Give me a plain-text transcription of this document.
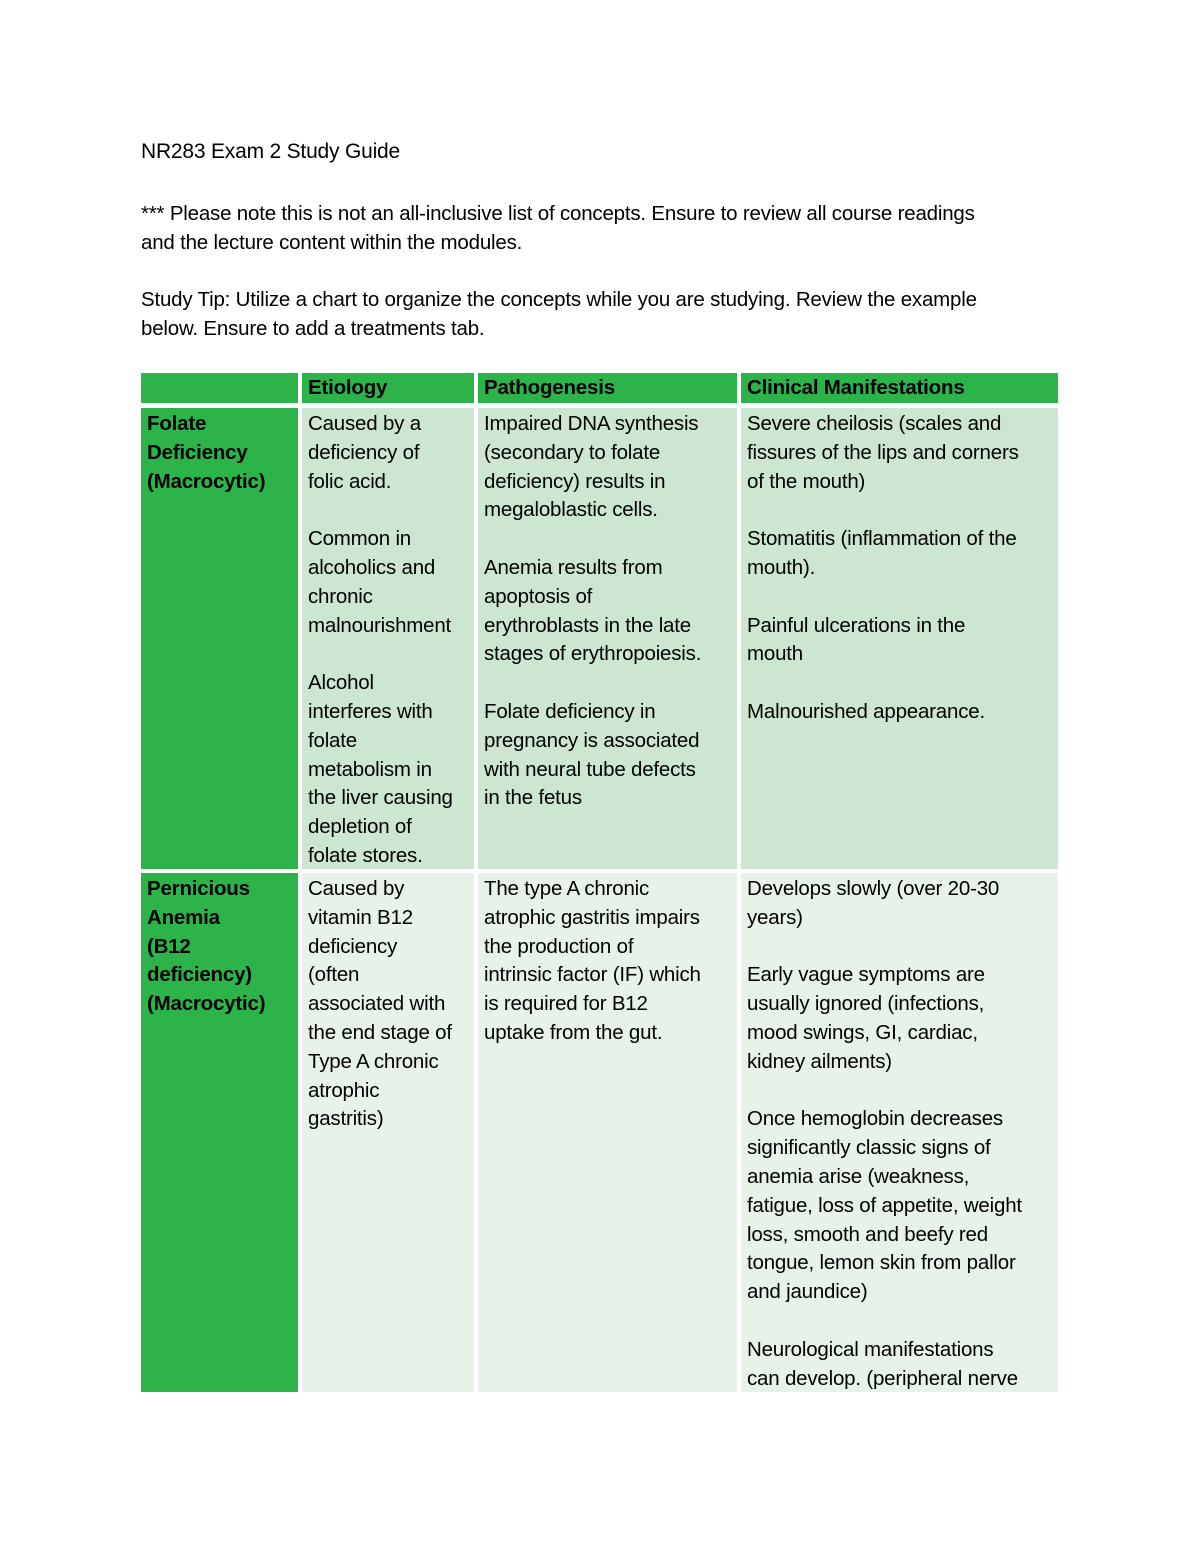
NR283 Exam 2 Study Guide
*** Please note this is not an all-inclusive list of concepts. Ensure to review all course readings
and the lecture content within the modules.
Study Tip: Utilize a chart to organize the concepts while you are studying. Review the example
below. Ensure to add a treatments tab.
Etiology	Pathogenesis	Clinical Manifestations
Folate
Deficiency
(Macrocytic)
Caused by a
deficiency of
folic acid.
Common in
alcoholics and
chronic
malnourishment
Alcohol
interferes with
folate
metabolism in
the liver causing
depletion of
folate stores.
Impaired DNA synthesis
(secondary to folate
deficiency) results in
megaloblastic cells.
Anemia results from
apoptosis of
erythroblasts in the late
stages of erythropoiesis.
Folate deficiency in
pregnancy is associated
with neural tube defects
in the fetus
Severe cheilosis (scales and
fissures of the lips and corners
of the mouth)
Stomatitis (inflammation of the
mouth).
Painful ulcerations in the
mouth
Malnourished appearance.
Pernicious
Anemia
(B12
deficiency)
(Macrocytic)
Caused by
vitamin B12
deficiency
(often
associated with
the end stage of
Type A chronic
atrophic
gastritis)
The type A chronic
atrophic gastritis impairs
the production of
intrinsic factor (IF) which
is required for B12
uptake from the gut.
Develops slowly (over 20-30
years)
Early vague symptoms are
usually ignored (infections,
mood swings, GI, cardiac,
kidney ailments)
Once hemoglobin decreases
significantly classic signs of
anemia arise (weakness,
fatigue, loss of appetite, weight
loss, smooth and beefy red
tongue, lemon skin from pallor
and jaundice)
Neurological manifestations
can develop. (peripheral nerve
